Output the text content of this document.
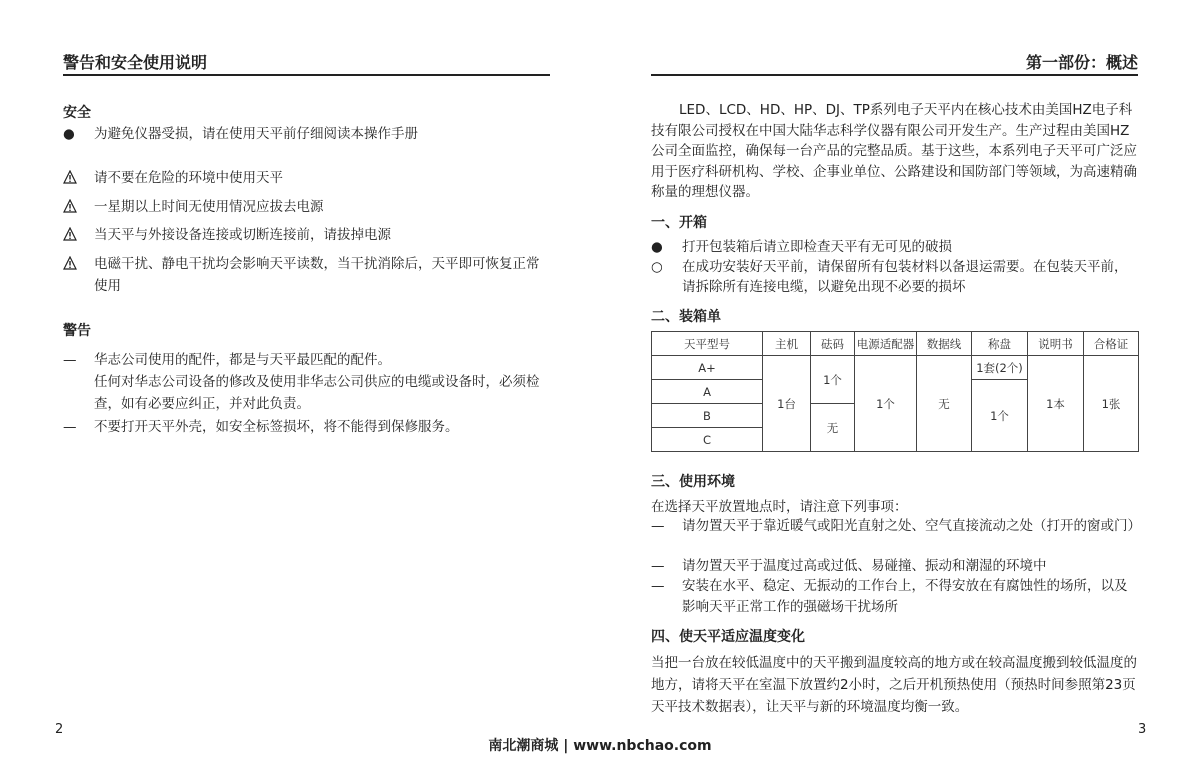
警告和安全使用说明
安全
●	为避免仪器受损，请在使用天平前仔细阅读本操作手册
请不要在危险的环境中使用天平
一星期以上时间无使用情况应拔去电源
当天平与外接设备连接或切断连接前，请拔掉电源
电磁干扰、静电干扰均会影响天平读数，当干扰消除后，天平即可恢复正常使用
警告
—	华志公司使用的配件，都是与天平最匹配的配件。
任何对华志公司设备的修改及使用非华志公司供应的电缆或设备时，必须检查，如有必要应纠正，并对此负责。
—	不要打开天平外壳，如安全标签损坏，将不能得到保修服务。
2
第一部份：概述
LED、LCD、HD、HP、DJ、TP系列电子天平内在核心技术由美国HZ电子科技有限公司授权在中国大陆华志科学仪器有限公司开发生产。生产过程由美国HZ公司全面监控，确保每一台产品的完整品质。基于这些，本系列电子天平可广泛应用于医疗科研机构、学校、企事业单位、公路建设和国防部门等领域，为高速精确称量的理想仪器。
一、开箱
●	打开包装箱后请立即检查天平有无可见的破损
○	在成功安装好天平前，请保留所有包装材料以备退运需要。在包装天平前，请拆除所有连接电缆，以避免出现不必要的损坏
二、装箱单
天平型号	主机	砝码	电源适配器	数据线	称盘	说明书	合格证
A+	1台	1个	1个	无	1套(2个)	1本	1张
A					1个		
B		无					
C							
三、使用环境
在选择天平放置地点时，请注意下列事项：
—	请勿置天平于靠近暖气或阳光直射之处、空气直接流动之处（打开的窗或门）
—	请勿置天平于温度过高或过低、易碰撞、振动和潮湿的环境中
—	安装在水平、稳定、无振动的工作台上，不得安放在有腐蚀性的场所，以及影响天平正常工作的强磁场干扰场所
四、使天平适应温度变化
当把一台放在较低温度中的天平搬到温度较高的地方或在较高温度搬到较低温度的地方，请将天平在室温下放置约2小时，之后开机预热使用（预热时间参照第23页天平技术数据表），让天平与新的环境温度均衡一致。
3
南北潮商城 | www.nbchao.com
